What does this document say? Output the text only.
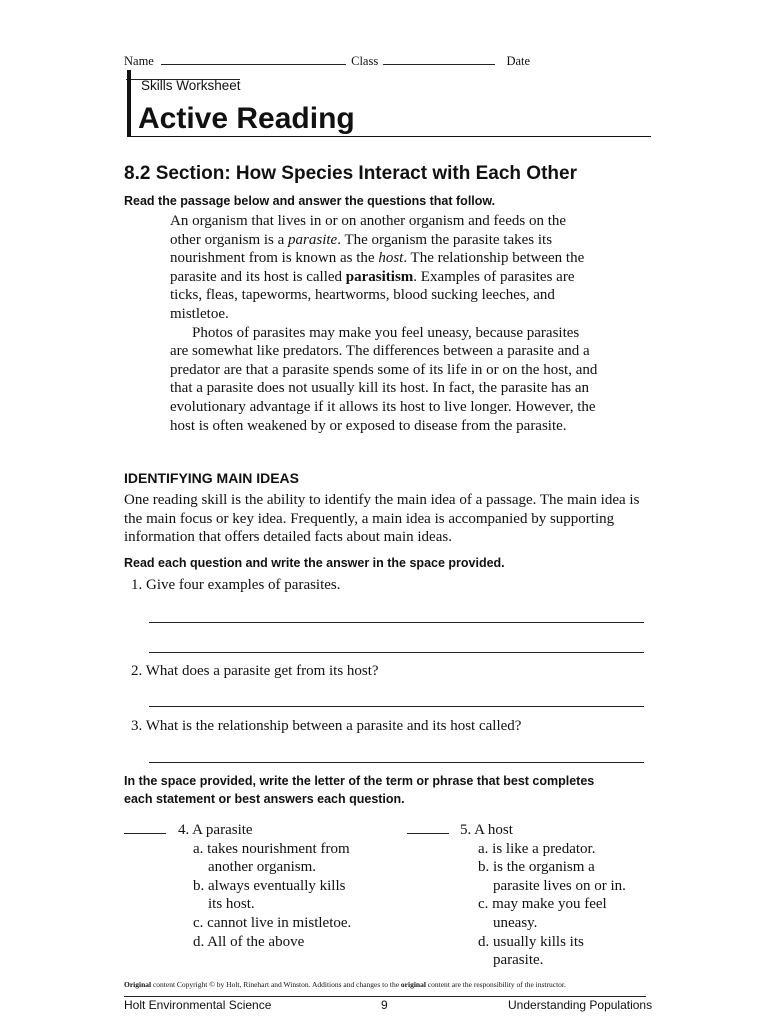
Name	Class	Date
Skills Worksheet
Active Reading
8.2 Section: How Species Interact with Each Other
Read the passage below and answer the questions that follow.

An organism that lives in or on another organism and feeds on the other organism is a parasite. The organism the parasite takes its nourishment from is known as the host. The relationship between the parasite and its host is called parasitism. Examples of parasites are ticks, fleas, tapeworms, heartworms, blood sucking leeches, and mistletoe.

Photos of parasites may make you feel uneasy, because parasites are somewhat like predators. The differences between a parasite and a predator are that a parasite spends some of its life in or on the host, and that a parasite does not usually kill its host. In fact, the parasite has an evolutionary advantage if it allows its host to live longer. However, the host is often weakened by or exposed to disease from the parasite.

IDENTIFYING MAIN IDEAS
One reading skill is the ability to identify the main idea of a passage. The main idea is the main focus or key idea. Frequently, a main idea is accompanied by supporting information that offers detailed facts about main ideas.
Read each question and write the answer in the space provided.
1. Give four examples of parasites.
2. What does a parasite get from its host?
3. What is the relationship between a parasite and its host called?
In the space provided, write the letter of the term or phrase that best completes
each statement or best answers each question.
4. A parasite
a. takes nourishment from
another organism.
b. always eventually kills
its host.
c. cannot live in mistletoe.
d. All of the above
5. A host
a. is like a predator.
b. is the organism a
parasite lives on or in.
c. may make you feel
uneasy.
d. usually kills its
parasite.
Original content Copyright © by Holt, Rinehart and Winston. Additions and changes to the original content are the responsibility of the instructor.
Holt Environmental Science	9	Understanding Populations
